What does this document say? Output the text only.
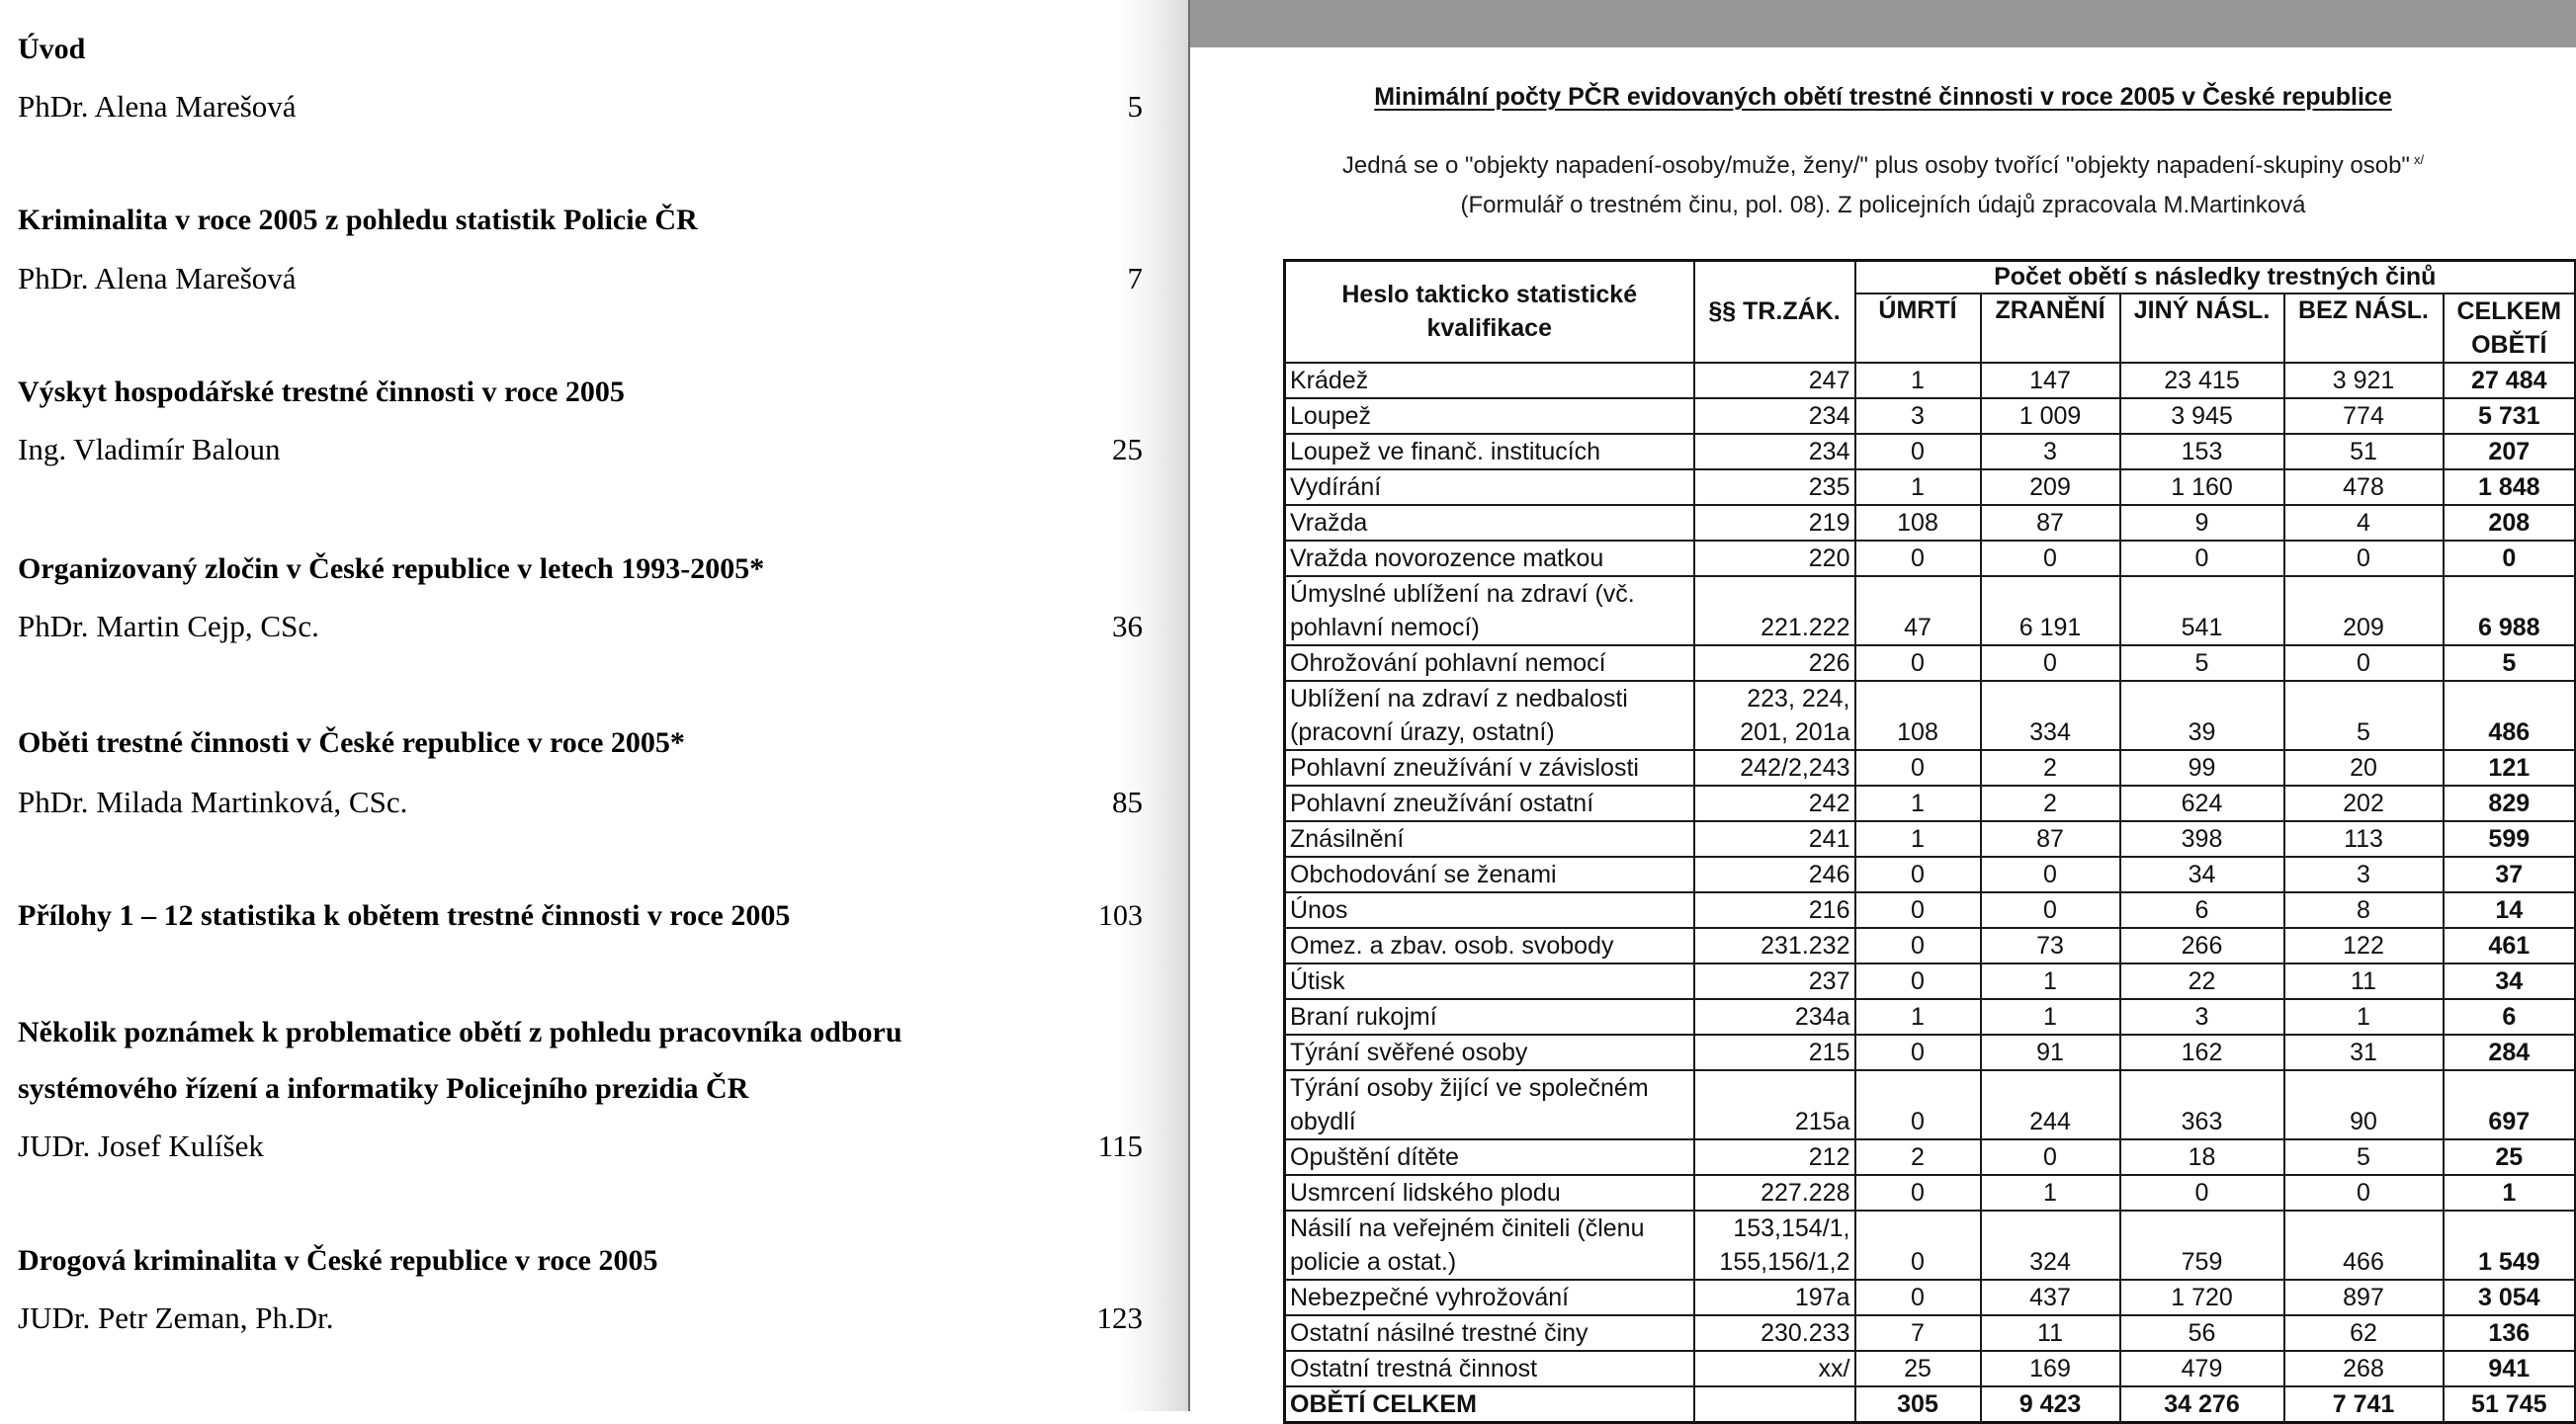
Úvod
PhDr. Alena Marešová	5
Kriminalita v roce 2005 z pohledu statistik Policie ČR
PhDr. Alena Marešová	7
Výskyt hospodářské trestné činnosti v roce 2005
Ing. Vladimír Baloun	25
Organizovaný zločin v České republice v letech 1993-2005*
PhDr. Martin Cejp, CSc.	36
Oběti trestné činnosti v České republice v roce 2005*
PhDr. Milada Martinková, CSc.	85
Přílohy 1 – 12 statistika k obětem trestné činnosti v roce 2005	103
Několik poznámek k problematice obětí z pohledu pracovníka odboru
systémového řízení a informatiky Policejního prezidia ČR
JUDr. Josef Kulíšek	115
Drogová kriminalita v České republice v roce 2005
JUDr. Petr Zeman, Ph.Dr.	123
Minimální počty PČR evidovaných obětí trestné činnosti v roce 2005 v České republice
Jedná se o "objekty napadení-osoby/muže, ženy/" plus osoby tvořící "objekty napadení-skupiny osob" $^{x/}$
(Formulář o trestném činu, pol. 08). Z policejních údajů zpracovala M.Martinková
Heslo takticko statistické kvalifikace	§§ TR.ZÁK.	Počet obětí s následky trestných činů				
		ÚMRTÍ	ZRANĚNÍ	JINÝ NÁSL.	BEZ NÁSL.	CELKEM OBĚTÍ
Krádež	247	1	147	23 415	3 921	27 484
Loupež	234	3	1 009	3 945	774	5 731
Loupež ve finanč. institucích	234	0	3	153	51	207
Vydírání	235	1	209	1 160	478	1 848
Vražda	219	108	87	9	4	208
Vražda novorozence matkou	220	0	0	0	0	0
Úmyslné ublížení na zdraví (vč. pohlavní nemocí)	221.222	47	6 191	541	209	6 988
Ohrožování pohlavní nemocí	226	0	0	5	0	5
Ublížení na zdraví z nedbalosti (pracovní úrazy, ostatní)	223, 224, 201, 201a	108	334	39	5	486
Pohlavní zneužívání v závislosti	242/2,243	0	2	99	20	121
Pohlavní zneužívání ostatní	242	1	2	624	202	829
Znásilnění	241	1	87	398	113	599
Obchodování se ženami	246	0	0	34	3	37
Únos	216	0	0	6	8	14
Omez. a zbav. osob. svobody	231.232	0	73	266	122	461
Útisk	237	0	1	22	11	34
Braní rukojmí	234a	1	1	3	1	6
Týrání svěřené osoby	215	0	91	162	31	284
Týrání osoby žijící ve společném obydlí	215a	0	244	363	90	697
Opuštění dítěte	212	2	0	18	5	25
Usmrcení lidského plodu	227.228	0	1	0	0	1
Násilí na veřejném činiteli (členu policie a ostat.)	153,154/1, 155,156/1,2	0	324	759	466	1 549
Nebezpečné vyhrožování	197a	0	437	1 720	897	3 054
Ostatní násilné trestné činy	230.233	7	11	56	62	136
Ostatní trestná činnost	xx/	25	169	479	268	941
OBĚTÍ CELKEM		305	9 423	34 276	7 741	51 745
